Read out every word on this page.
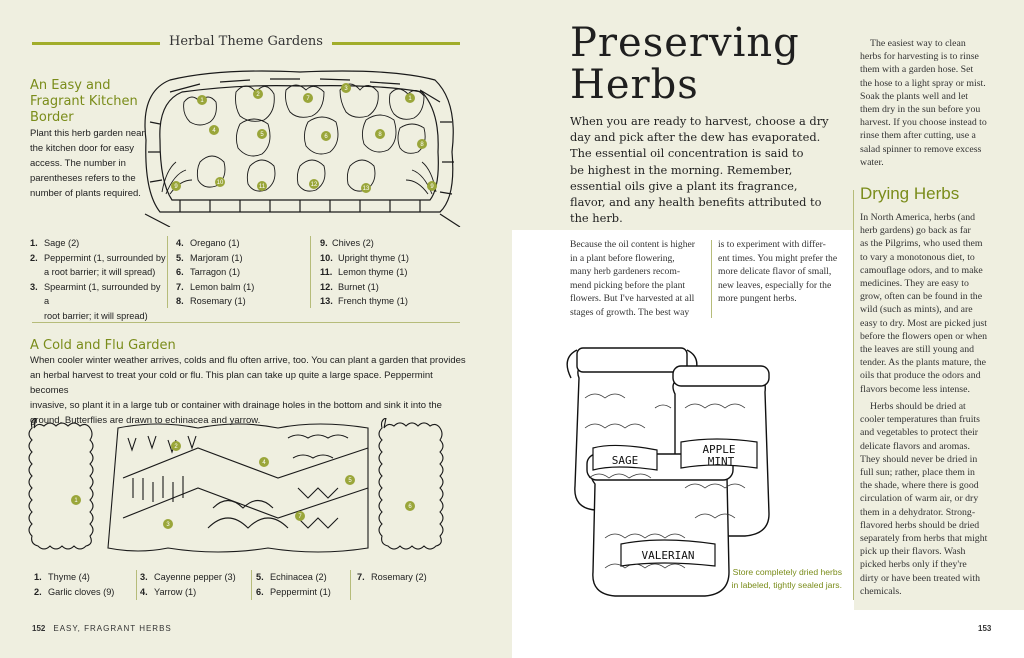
Herbal Theme Gardens
An Easy and
Fragrant Kitchen
Border
Plant this herb garden near
the kitchen door for easy
access. The number in
parentheses refers to the
number of plants required.
1
2
3
1
7
4
5	6	8
8
9
10
11	12
13	9
1. Sage (2)
2. Peppermint (1, surrounded by
a root barrier; it will spread)
3. Spearmint (1, surrounded by a
root barrier; it will spread)
4. Oregano (1)
5. Marjoram (1)
6. Tarragon (1)
7. Lemon balm (1)
8. Rosemary (1)
9. Chives (2)
10. Upright thyme (1)
11. Lemon thyme (1)
12. Burnet (1)
13. French thyme (1)
A Cold and Flu Garden
When cooler winter weather arrives, colds and flu often arrive, too. You can plant a garden that provides
an herbal harvest to treat your cold or flu. This plan can take up quite a large space. Peppermint becomes
invasive, so plant it in a large tub or container with drainage holes in the bottom and sink it into the
ground. Butterflies are drawn to echinacea and yarrow.
1
2
3
4
5
6
7
1. Thyme (4)
2. Garlic cloves (9)
3. Cayenne pepper (3)
4. Yarrow (1)
5. Echinacea (2)
6. Peppermint (1)
7. Rosemary (2)
152 EASY, FRAGRANT HERBS
Preserving
Herbs
When you are ready to harvest, choose a dry
day and pick after the dew has evaporated.
The essential oil concentration is said to
be highest in the morning. Remember,
essential oils give a plant its fragrance,
flavor, and any health benefits attributed to
the herb.
Because the oil content is higher
in a plant before flowering,
many herb gardeners recom-
mend picking before the plant
flowers. But I've harvested at all
stages of growth. The best way
is to experiment with differ-
ent times. You might prefer the
more delicate flavor of small,
new leaves, especially for the
more pungent herbs.
SAGE
APPLE
MINT
VALERIAN
Store completely dried herbs
in labeled, tightly sealed jars.
The easiest way to clean
herbs for harvesting is to rinse
them with a garden hose. Set
the hose to a light spray or mist.
Soak the plants well and let
them dry in the sun before you
harvest. If you choose instead to
rinse them after cutting, use a
salad spinner to remove excess
water.
Drying Herbs
In North America, herbs (and
herb gardens) go back as far
as the Pilgrims, who used them
to vary a monotonous diet, to
camouflage odors, and to make
medicines. They are easy to
grow, often can be found in the
wild (such as mints), and are
easy to dry. Most are picked just
before the flowers open or when
the leaves are still young and
tender. As the plants mature, the
oils that produce the odors and
flavors become less intense.
Herbs should be dried at
cooler temperatures than fruits
and vegetables to protect their
delicate flavors and aromas.
They should never be dried in
full sun; rather, place them in
the shade, where there is good
circulation of warm air, or dry
them in a dehydrator. Strong-
flavored herbs should be dried
separately from herbs that might
pick up their flavors. Wash
picked herbs only if they're
dirty or have been treated with
chemicals.
153
